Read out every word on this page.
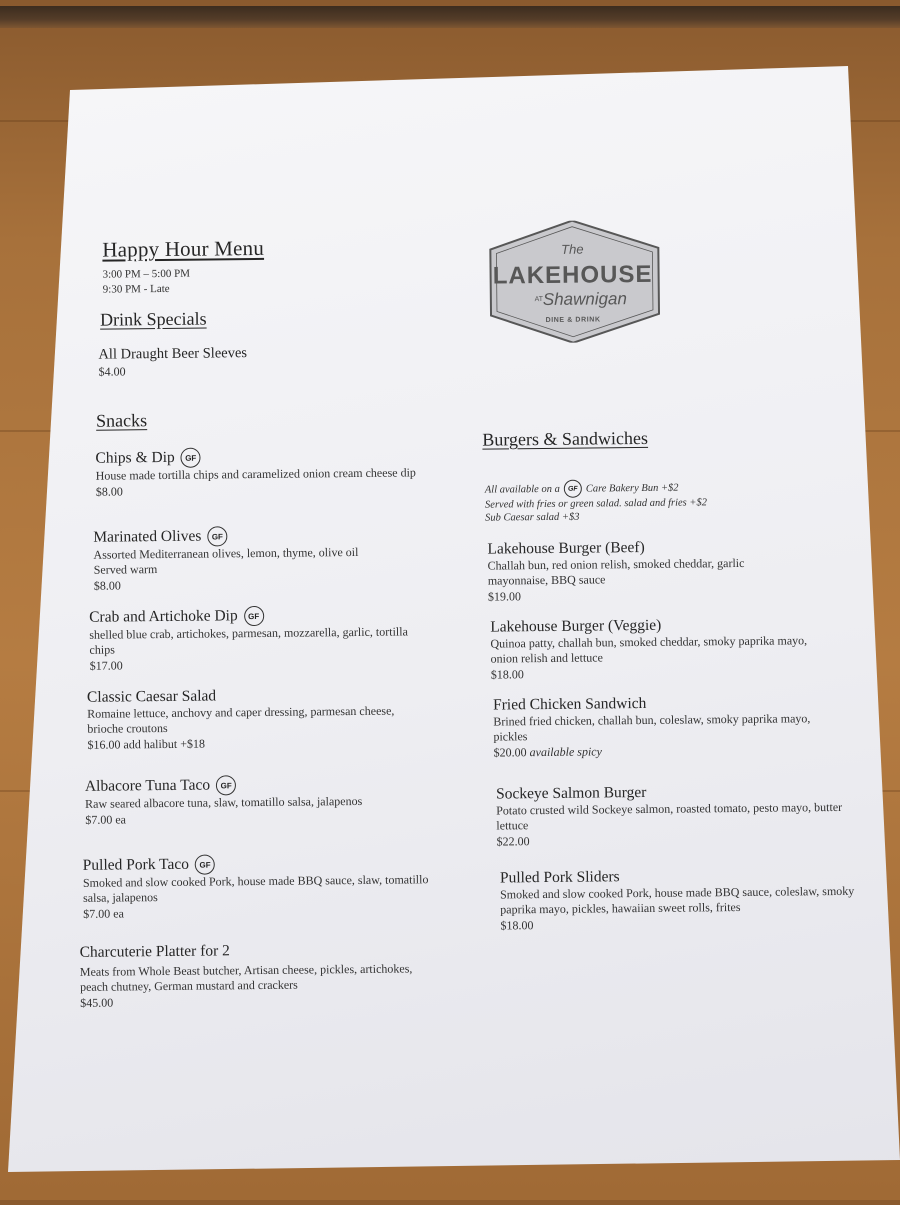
Happy Hour Menu
3:00 PM – 5:00 PM
9:30 PM - Late
The
LAKEHOUSE
AT Shawnigan
DINE & DRINK
Drink Specials
All Draught Beer Sleeves
$4.00
Snacks
Chips & Dip	GF
House made tortilla chips and caramelized onion cream cheese dip
$8.00
Marinated Olives	GF
Assorted Mediterranean olives, lemon, thyme, olive oil Served warm
$8.00
Crab and Artichoke Dip	GF
shelled blue crab, artichokes, parmesan, mozzarella, garlic, tortilla chips
$17.00
Classic Caesar Salad
Romaine lettuce, anchovy and caper dressing, parmesan cheese, brioche croutons
$16.00 add halibut +$18
Albacore Tuna Taco	GF
Raw seared albacore tuna, slaw, tomatillo salsa, jalapenos
$7.00 ea
Pulled Pork Taco	GF
Smoked and slow cooked Pork, house made BBQ sauce, slaw, tomatillo salsa, jalapenos
$7.00 ea
Charcuterie Platter for 2
Meats from Whole Beast butcher, Artisan cheese, pickles, artichokes, peach chutney, German mustard and crackers
$45.00
Burgers & Sandwiches
All available on a	GF Care Bakery Bun +$2
Served with fries or green salad. salad and fries +$2
Sub Caesar salad +$3
Lakehouse Burger (Beef)
Challah bun, red onion relish, smoked cheddar, garlic mayonnaise, BBQ sauce
$19.00
Lakehouse Burger (Veggie)
Quinoa patty, challah bun, smoked cheddar, smoky paprika mayo, onion relish and lettuce
$18.00
Fried Chicken Sandwich
Brined fried chicken, challah bun, coleslaw, smoky paprika mayo, pickles
$20.00 available spicy
Sockeye Salmon Burger
Potato crusted wild Sockeye salmon, roasted tomato, pesto mayo, butter lettuce
$22.00
Pulled Pork Sliders
Smoked and slow cooked Pork, house made BBQ sauce, coleslaw, smoky paprika mayo, pickles, hawaiian sweet rolls, frites
$18.00
